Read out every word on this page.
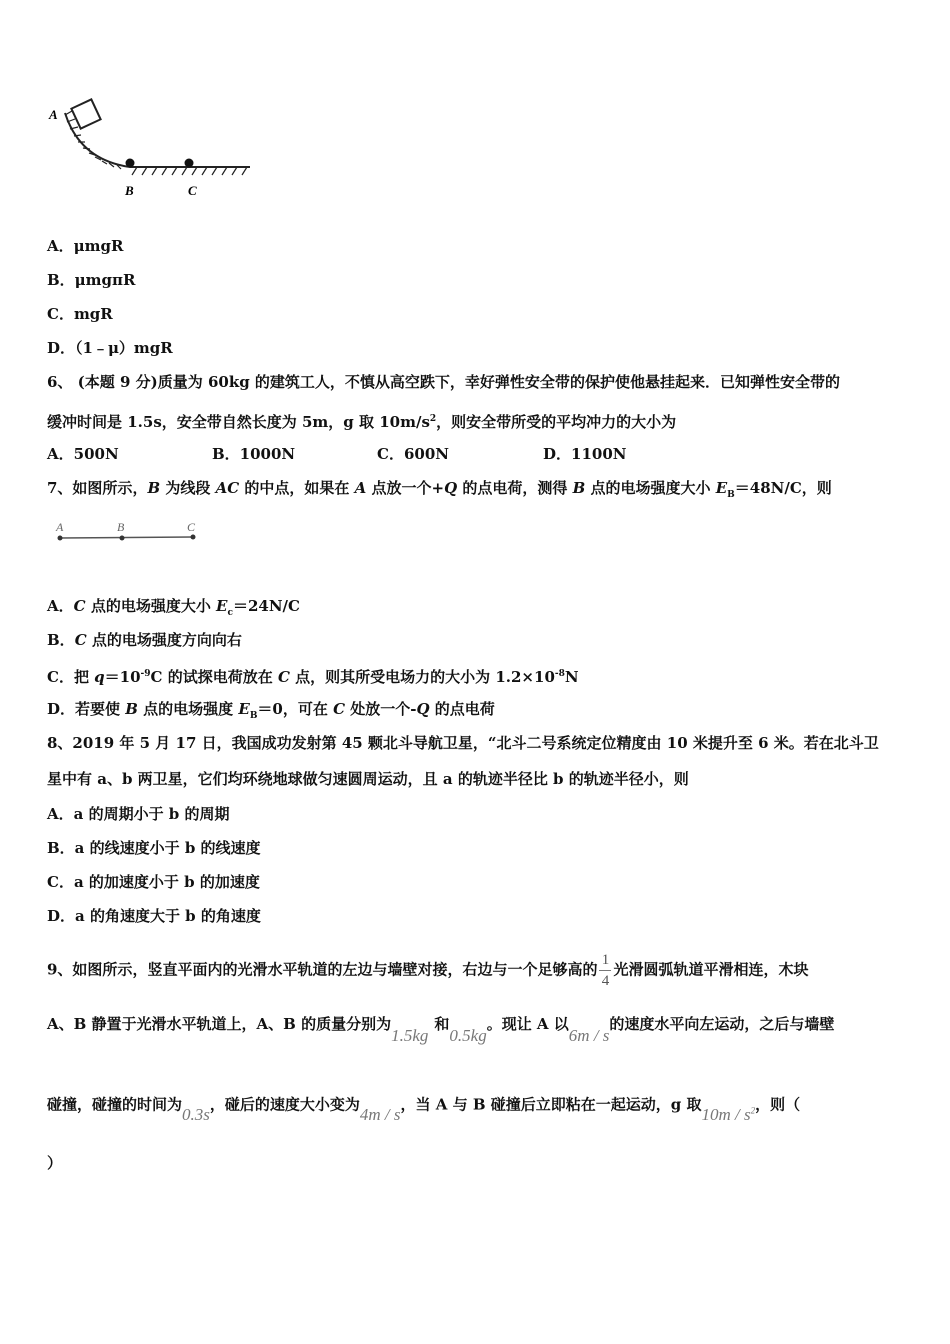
A
B	C
A．μmgR
B．μmgπR
C．mgR
D．（1﹣μ）mgR
6、 (本题 9 分)质量为 60kg 的建筑工人，不慎从高空跌下，幸好弹性安全带的保护使他悬挂起来．已知弹性安全带的
缓冲时间是 1.5s，安全带自然长度为 5m，g 取 $10m/s^2$，则安全带所受的平均冲力的大小为
A．500N	B．1000N	C．600N	D．1100N
7、如图所示，B 为线段 AC 的中点，如果在 A 点放一个+Q 的点电荷，测得 B 点的电场强度大小 $E_B=48N/C$，则
A	B	C
A．C 点的电场强度大小 $E_c=24N/C$
B．C 点的电场强度方向向右
C．把 $q=10^{-9}C$ 的试探电荷放在 C 点，则其所受电场力的大小为 $1.2\times 10^{-8}N$
D．若要使 B 点的电场强度 $E_B=0$，可在 C 处放一个-Q 的点电荷
8、2019 年 5 月 17 日，我国成功发射第 45 颗北斗导航卫星，“北斗二号系统定位精度由 10 米提升至 6 米。若在北斗卫
星中有 a、b 两卫星，它们均环绕地球做匀速圆周运动，且 a 的轨迹半径比 b 的轨迹半径小，则
A．a 的周期小于 b 的周期
B．a 的线速度小于 b 的线速度
C．a 的加速度小于 b 的加速度
D．a 的角速度大于 b 的角速度
9、如图所示，竖直平面内的光滑水平轨道的左边与墙壁对接，右边与一个足够高的 $\frac{1}{4}$ 光滑圆弧轨道平滑相连，木块
A、B 静置于光滑水平轨道上，A、B 的质量分别为1.5kg和0.5kg。现让 A 以6m / s的速度水平向左运动，之后与墙壁
碰撞，碰撞的时间为0.3s，碰后的速度大小变为4m / s，当 A 与 B 碰撞后立即粘在一起运动，g 取$10m / s^2$，则（
）
